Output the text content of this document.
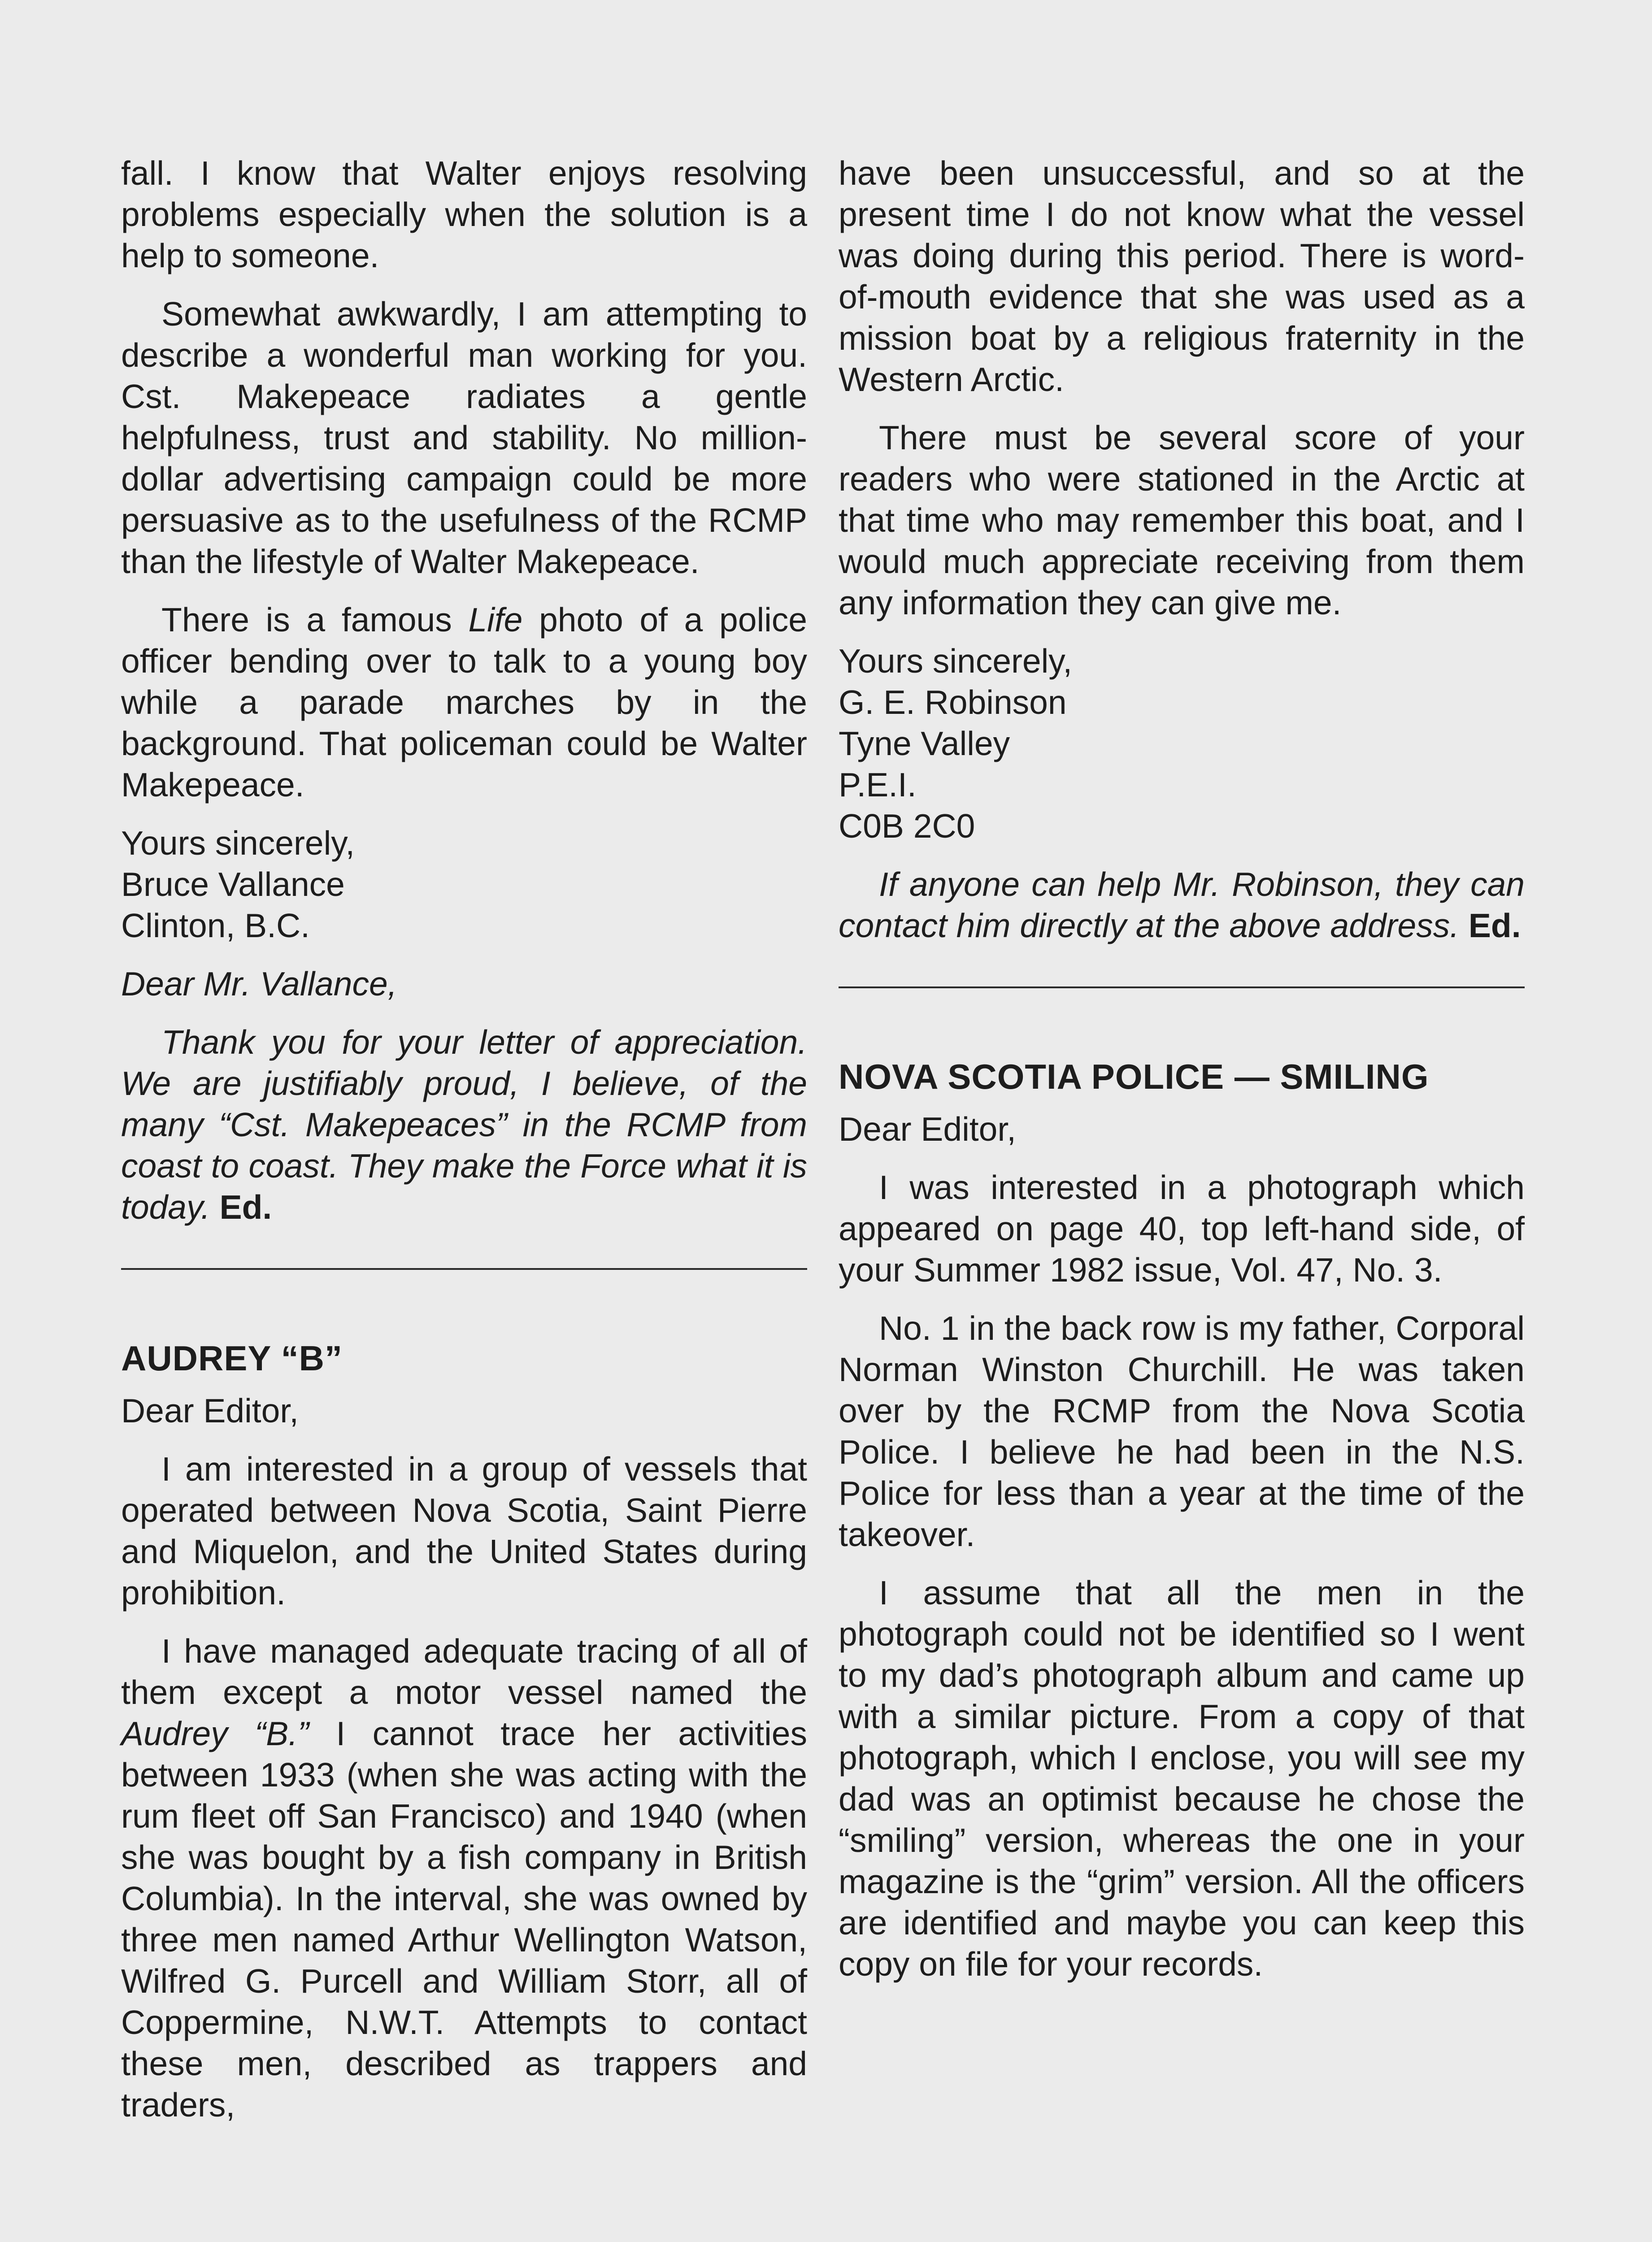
fall. I know that Walter enjoys resolving problems especially when the solution is a help to someone.

Somewhat awkwardly, I am attempting to describe a wonderful man working for you. Cst. Makepeace radiates a gentle helpfulness, trust and stability. No million-dollar advertising campaign could be more persuasive as to the usefulness of the RCMP than the lifestyle of Walter Makepeace.

There is a famous Life photo of a police officer bending over to talk to a young boy while a parade marches by in the background. That policeman could be Walter Makepeace.

Yours sincerely,
Bruce Vallance
Clinton, B.C.

Dear Mr. Vallance,

Thank you for your letter of appreciation. We are justifiably proud, I believe, of the many “Cst. Makepeaces” in the RCMP from coast to coast. They make the Force what it is today. Ed.

AUDREY “B”

Dear Editor,

I am interested in a group of vessels that operated between Nova Scotia, Saint Pierre and Miquelon, and the United States during prohibition.

I have managed adequate tracing of all of them except a motor vessel named the Audrey “B.” I cannot trace her activities between 1933 (when she was acting with the rum fleet off San Francisco) and 1940 (when she was bought by a fish company in British Columbia). In the interval, she was owned by three men named Arthur Wellington Watson, Wilfred G. Purcell and William Storr, all of Coppermine, N.W.T. Attempts to contact these men, described as trappers and traders,

have been unsuccessful, and so at the present time I do not know what the vessel was doing during this period. There is word-of-mouth evidence that she was used as a mission boat by a religious fraternity in the Western Arctic.

There must be several score of your readers who were stationed in the Arctic at that time who may remember this boat, and I would much appreciate receiving from them any information they can give me.

Yours sincerely,
G. E. Robinson
Tyne Valley
P.E.I.
C0B 2C0

If anyone can help Mr. Robinson, they can contact him directly at the above address. Ed.

NOVA SCOTIA POLICE — SMILING

Dear Editor,

I was interested in a photograph which appeared on page 40, top left-hand side, of your Summer 1982 issue, Vol. 47, No. 3.

No. 1 in the back row is my father, Corporal Norman Winston Churchill. He was taken over by the RCMP from the Nova Scotia Police. I believe he had been in the N.S. Police for less than a year at the time of the takeover.

I assume that all the men in the photograph could not be identified so I went to my dad’s photograph album and came up with a similar picture. From a copy of that photograph, which I enclose, you will see my dad was an optimist because he chose the “smiling” version, whereas the one in your magazine is the “grim” version. All the officers are identified and maybe you can keep this copy on file for your records.
